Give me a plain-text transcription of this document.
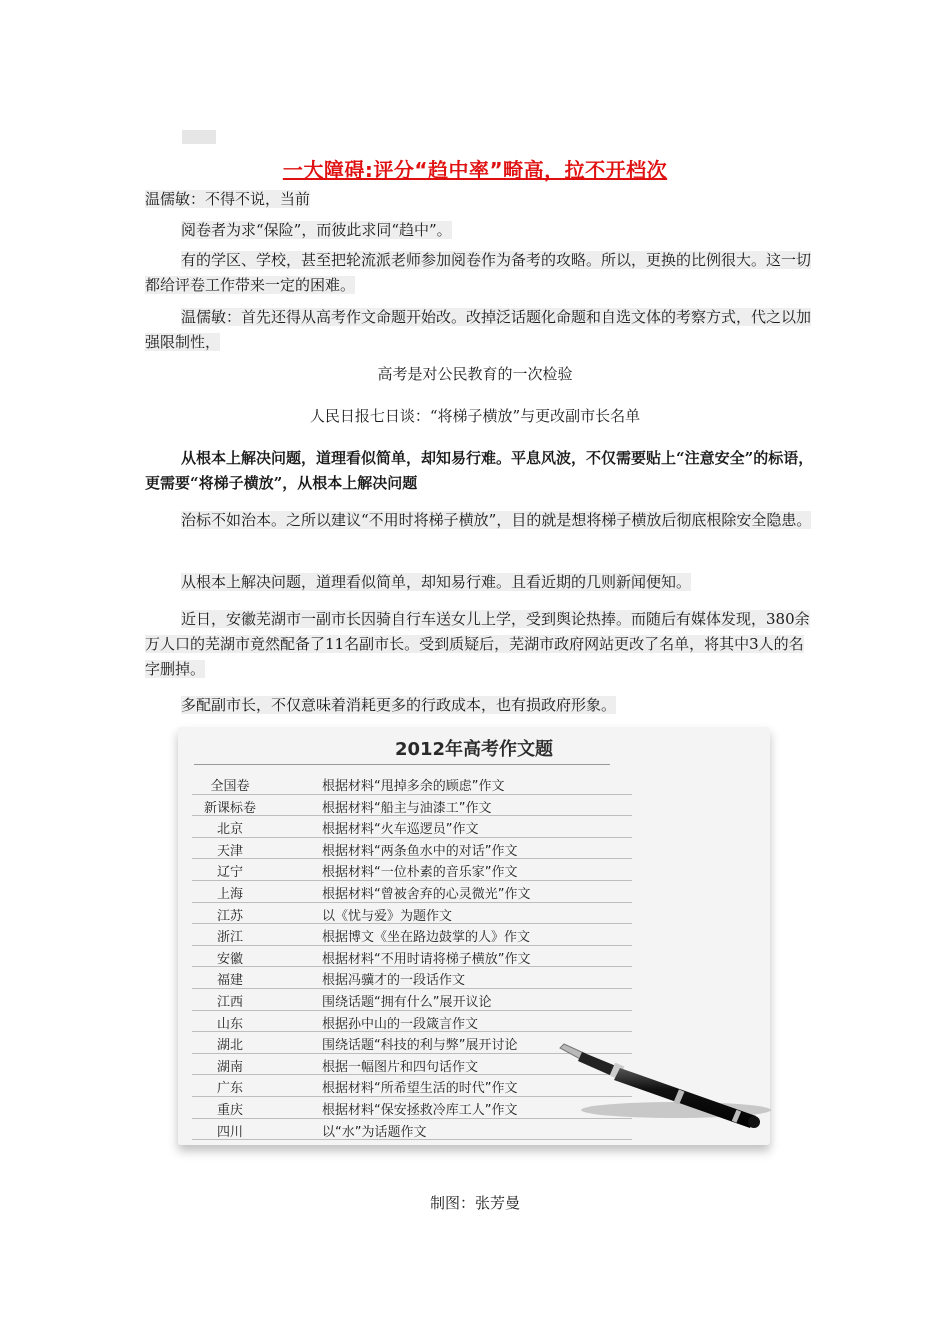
一大障碍:评分“趋中率”畸高，拉不开档次
温儒敏：不得不说，当前
阅卷者为求“保险”，而彼此求同“趋中”。
有的学区、学校，甚至把轮流派老师参加阅卷作为备考的攻略。所以，更换的比例很大。这一切都给评卷工作带来一定的困难。
温儒敏：首先还得从高考作文命题开始改。改掉泛话题化命题和自选文体的考察方式，代之以加强限制性，
高考是对公民教育的一次检验
人民日报七日谈：“将梯子横放”与更改副市长名单
从根本上解决问题，道理看似简单，却知易行难。平息风波，不仅需要贴上“注意安全”的标语，更需要“将梯子横放”，从根本上解决问题
治标不如治本。之所以建议“不用时将梯子横放”，目的就是想将梯子横放后彻底根除安全隐患。
从根本上解决问题，道理看似简单，却知易行难。且看近期的几则新闻便知。
近日，安徽芜湖市一副市长因骑自行车送女儿上学，受到舆论热捧。而随后有媒体发现，380余万人口的芜湖市竟然配备了11名副市长。受到质疑后，芜湖市政府网站更改了名单，将其中3人的名字删掉。
多配副市长，不仅意味着消耗更多的行政成本，也有损政府形象。
2012年高考作文题
全国卷	根据材料“甩掉多余的顾虑”作文
新课标卷	根据材料“船主与油漆工”作文
北京	根据材料“火车巡逻员”作文
天津	根据材料“两条鱼水中的对话”作文
辽宁	根据材料“一位朴素的音乐家”作文
上海	根据材料“曾被舍弃的心灵微光”作文
江苏	以《忧与爱》为题作文
浙江	根据博文《坐在路边鼓掌的人》作文
安徽	根据材料“不用时请将梯子横放”作文
福建	根据冯骥才的一段话作文
江西	围绕话题“拥有什么”展开议论
山东	根据孙中山的一段箴言作文
湖北	围绕话题“科技的利与弊”展开讨论
湖南	根据一幅图片和四句话作文
广东	根据材料“所希望生活的时代”作文
重庆	根据材料“保安拯救冷库工人”作文
四川	以“水”为话题作文
制图：张芳曼
